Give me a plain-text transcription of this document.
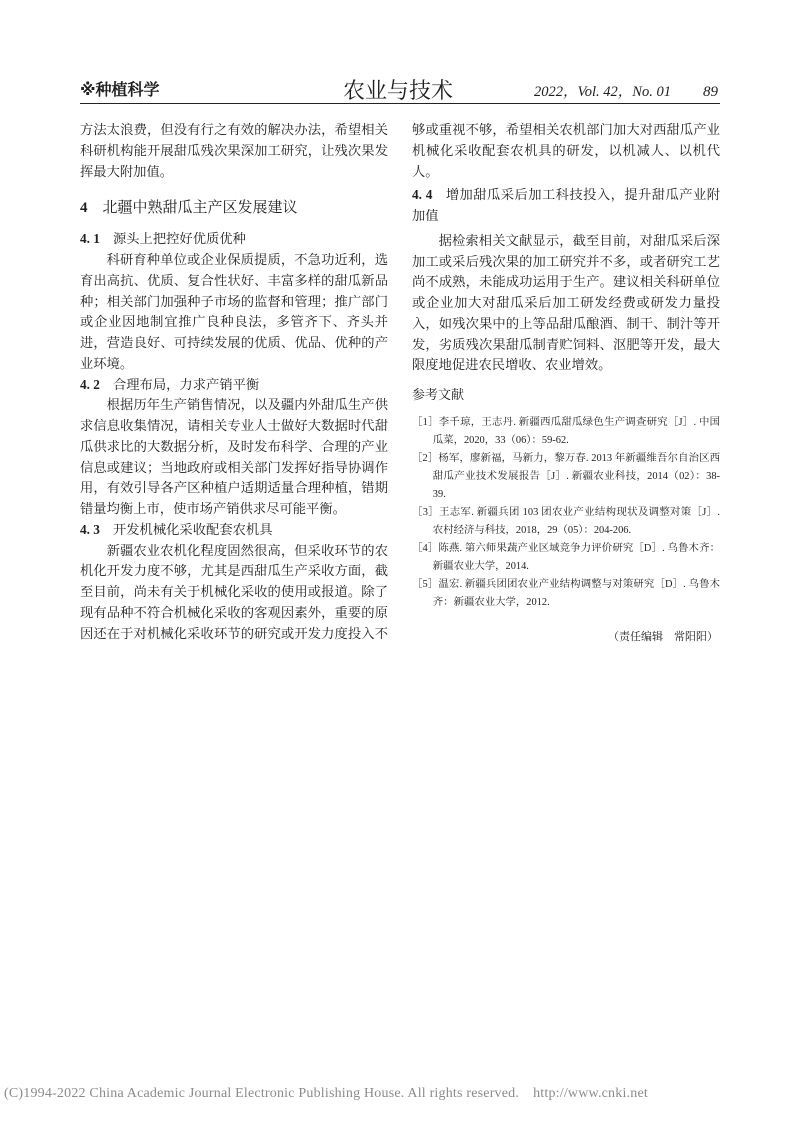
※种植科学	农业与技术	2022，Vol. 42，No. 01 89

方法太浪费，但没有行之有效的解决办法，希望相关科研机构能开展甜瓜残次果深加工研究，让残次果发挥最大附加值。

4 北疆中熟甜瓜主产区发展建议
4. 1 源头上把控好优质优种

科研育种单位或企业保质提质，不急功近利，选育出高抗、优质、复合性状好、丰富多样的甜瓜新品种；相关部门加强种子市场的监督和管理；推广部门或企业因地制宜推广良种良法，多管齐下、齐头并进，营造良好、可持续发展的优质、优品、优种的产业环境。

4. 2 合理布局，力求产销平衡

根据历年生产销售情况，以及疆内外甜瓜生产供求信息收集情况，请相关专业人士做好大数据时代甜瓜供求比的大数据分析，及时发布科学、合理的产业信息或建议；当地政府或相关部门发挥好指导协调作用，有效引导各产区种植户适期适量合理种植，错期错量均衡上市，使市场产销供求尽可能平衡。

4. 3 开发机械化采收配套农机具

新疆农业农机化程度固然很高，但采收环节的农机化开发力度不够，尤其是西甜瓜生产采收方面，截至目前，尚未有关于机械化采收的使用或报道。除了现有品种不符合机械化采收的客观因素外，重要的原因还在于对机械化采收环节的研究或开发力度投入不

够或重视不够，希望相关农机部门加大对西甜瓜产业机械化采收配套农机具的研发，以机减人、以机代人。

4. 4 增加甜瓜采后加工科技投入，提升甜瓜产业附加值

据检索相关文献显示，截至目前，对甜瓜采后深加工或采后残次果的加工研究并不多，或者研究工艺尚不成熟，未能成功运用于生产。建议相关科研单位或企业加大对甜瓜采后加工研发经费或研发力量投入，如残次果中的上等品甜瓜酿酒、制干、制汁等开发，劣质残次果甜瓜制青贮饲料、沤肥等开发，最大限度地促进农民增收、农业增效。

参考文献
［1］李千琼，王志丹. 新疆西瓜甜瓜绿色生产调查研究［J］. 中国瓜菜，2020，33（06）：59-62.
［2］杨军，廖新福，马新力，黎万春. 2013 年新疆维吾尔自治区西甜瓜产业技术发展报告［J］. 新疆农业科技，2014（02）：38-39.
［3］王志军. 新疆兵团 103 团农业产业结构现状及调整对策［J］. 农村经济与科技，2018，29（05）：204-206.
［4］陈燕. 第六师果蔬产业区域竞争力评价研究［D］. 乌鲁木齐：新疆农业大学，2014.
［5］温宏. 新疆兵团团农业产业结构调整与对策研究［D］. 乌鲁木齐：新疆农业大学，2012.
（责任编辑　常阳阳）
(C)1994-2022 China Academic Journal Electronic Publishing House. All rights reserved. http://www.cnki.net
